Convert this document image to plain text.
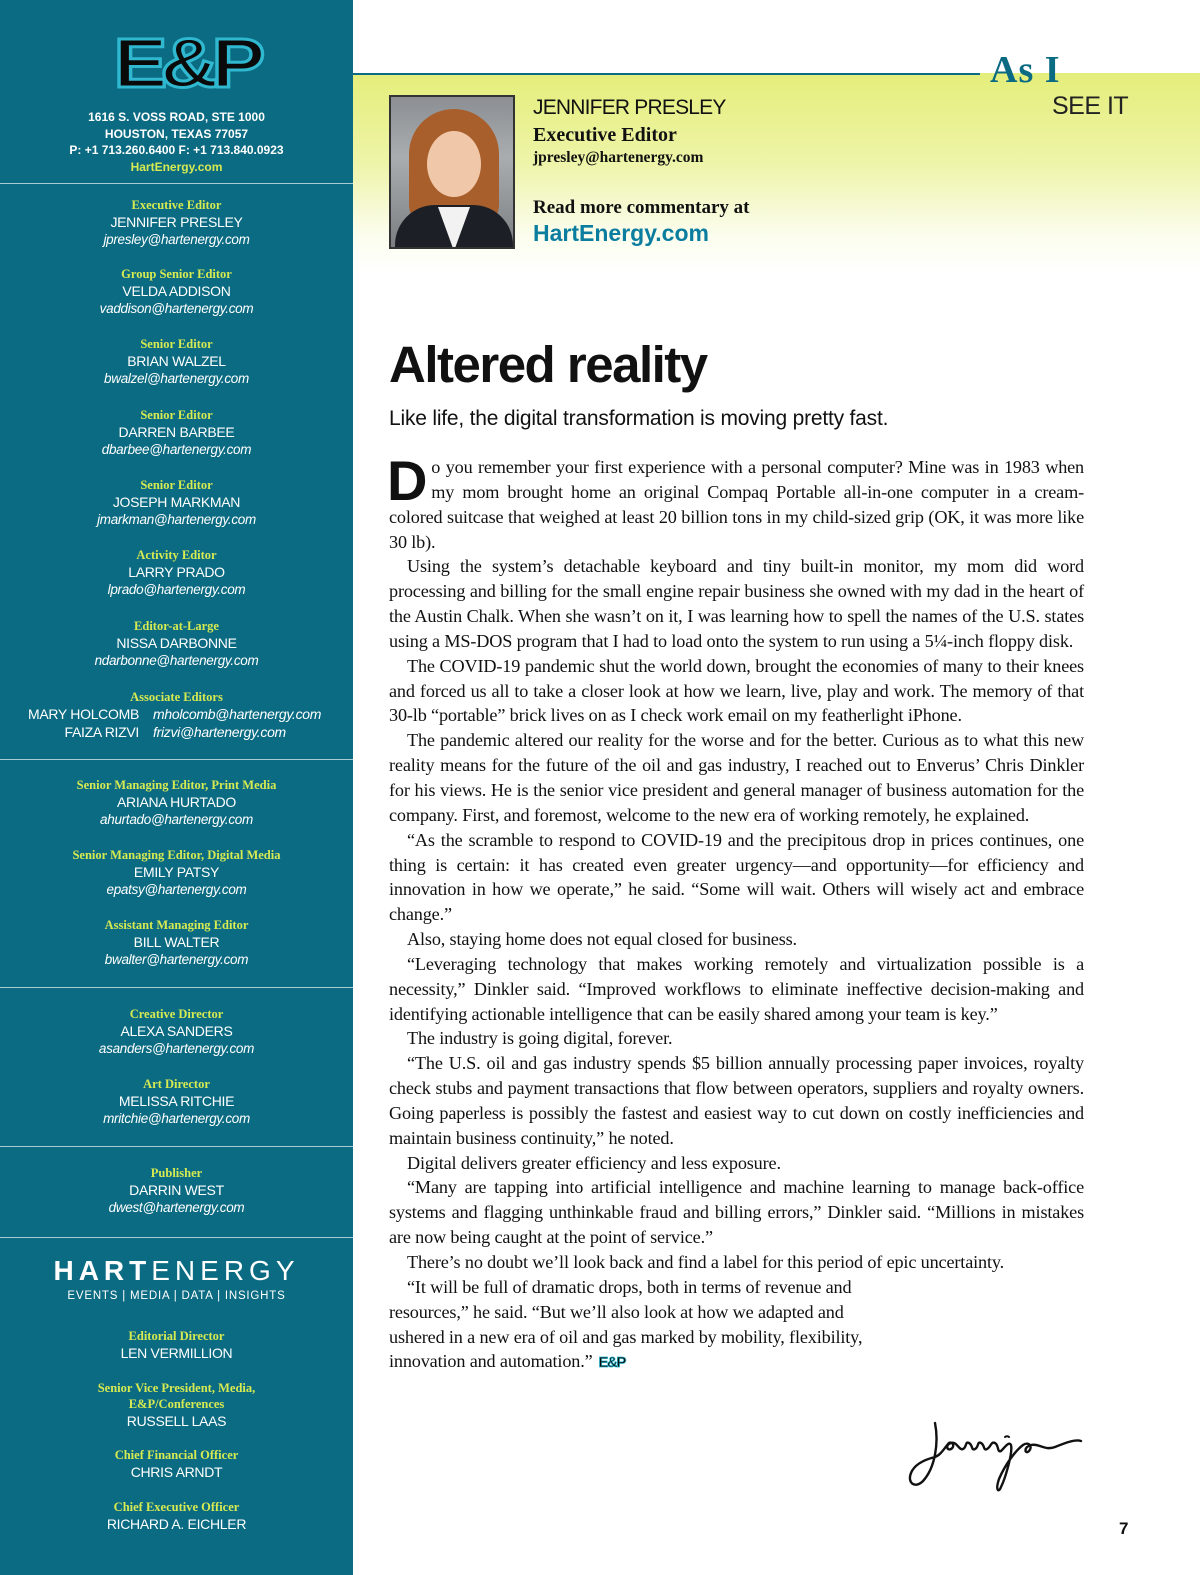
E&P
1616 S. VOSS ROAD, STE 1000
HOUSTON, TEXAS 77057
P: +1 713.260.6400 F: +1 713.840.0923
HartEnergy.com
Executive Editor
JENNIFER PRESLEY
jpresley@hartenergy.com
Group Senior Editor
VELDA ADDISON
vaddison@hartenergy.com
Senior Editor
BRIAN WALZEL
bwalzel@hartenergy.com
Senior Editor
DARREN BARBEE
dbarbee@hartenergy.com
Senior Editor
JOSEPH MARKMAN
jmarkman@hartenergy.com
Activity Editor
LARRY PRADO
lprado@hartenergy.com
Editor-at-Large
NISSA DARBONNE
ndarbonne@hartenergy.com
Associate Editors
MARY HOLCOMB mholcomb@hartenergy.com
FAIZA RIZVI frizvi@hartenergy.com
Senior Managing Editor, Print Media
ARIANA HURTADO
ahurtado@hartenergy.com
Senior Managing Editor, Digital Media
EMILY PATSY
epatsy@hartenergy.com
Assistant Managing Editor
BILL WALTER
bwalter@hartenergy.com
Creative Director
ALEXA SANDERS
asanders@hartenergy.com
Art Director
MELISSA RITCHIE
mritchie@hartenergy.com
Publisher
DARRIN WEST
dwest@hartenergy.com
HARTENERGY
EVENTS | MEDIA | DATA | INSIGHTS
Editorial Director
LEN VERMILLION
Senior Vice President, Media,
E&P/Conferences
RUSSELL LAAS
Chief Financial Officer
CHRIS ARNDT
Chief Executive Officer
RICHARD A. EICHLER
As I
SEE IT
JENNIFER PRESLEY
Executive Editor
jpresley@hartenergy.com
Read more commentary at
HartEnergy.com
Altered reality
Like life, the digital transformation is moving pretty fast.

Do you remember your first experience with a personal computer? Mine was in 1983 when my mom brought home an original Compaq Portable all-in-one computer in a cream-colored suitcase that weighed at least 20 billion tons in my child-sized grip (OK, it was more like 30 lb).

Using the system’s detachable keyboard and tiny built-in monitor, my mom did word processing and billing for the small engine repair business she owned with my dad in the heart of the Austin Chalk. When she wasn’t on it, I was learning how to spell the names of the U.S. states using a MS-DOS program that I had to load onto the system to run using a 5¼-inch floppy disk.

The COVID-19 pandemic shut the world down, brought the economies of many to their knees and forced us all to take a closer look at how we learn, live, play and work. The memory of that 30-lb “portable” brick lives on as I check work email on my featherlight iPhone.

The pandemic altered our reality for the worse and for the better. Curious as to what this new reality means for the future of the oil and gas industry, I reached out to Enverus’ Chris Dinkler for his views. He is the senior vice president and general manager of business automation for the company. First, and foremost, welcome to the new era of working remotely, he explained.

“As the scramble to respond to COVID-19 and the precipitous drop in prices continues, one thing is certain: it has created even greater urgency—and opportunity—for efficiency and innovation in how we operate,” he said. “Some will wait. Others will wisely act and embrace change.”

Also, staying home does not equal closed for business.

“Leveraging technology that makes working remotely and virtualization possible is a necessity,” Dinkler said. “Improved workflows to eliminate ineffective decision-making and identifying actionable intelligence that can be easily shared among your team is key.”

The industry is going digital, forever.

“The U.S. oil and gas industry spends $5 billion annually processing paper invoices, royalty check stubs and payment transactions that flow between operators, suppliers and royalty owners. Going paperless is possibly the fastest and easiest way to cut down on costly inefficiencies and maintain business continuity,” he noted.

Digital delivers greater efficiency and less exposure.

“Many are tapping into artificial intelligence and machine learning to manage back-office systems and flagging unthinkable fraud and billing errors,” Dinkler said. “Millions in mistakes are now being caught at the point of service.”

There’s no doubt we’ll look back and find a label for this period of epic uncertainty.

“It will be full of dramatic drops, both in terms of revenue and resources,” he said. “But we’ll also look at how we adapted and ushered in a new era of oil and gas marked by mobility, flexibility, innovation and automation.” E&P

7
